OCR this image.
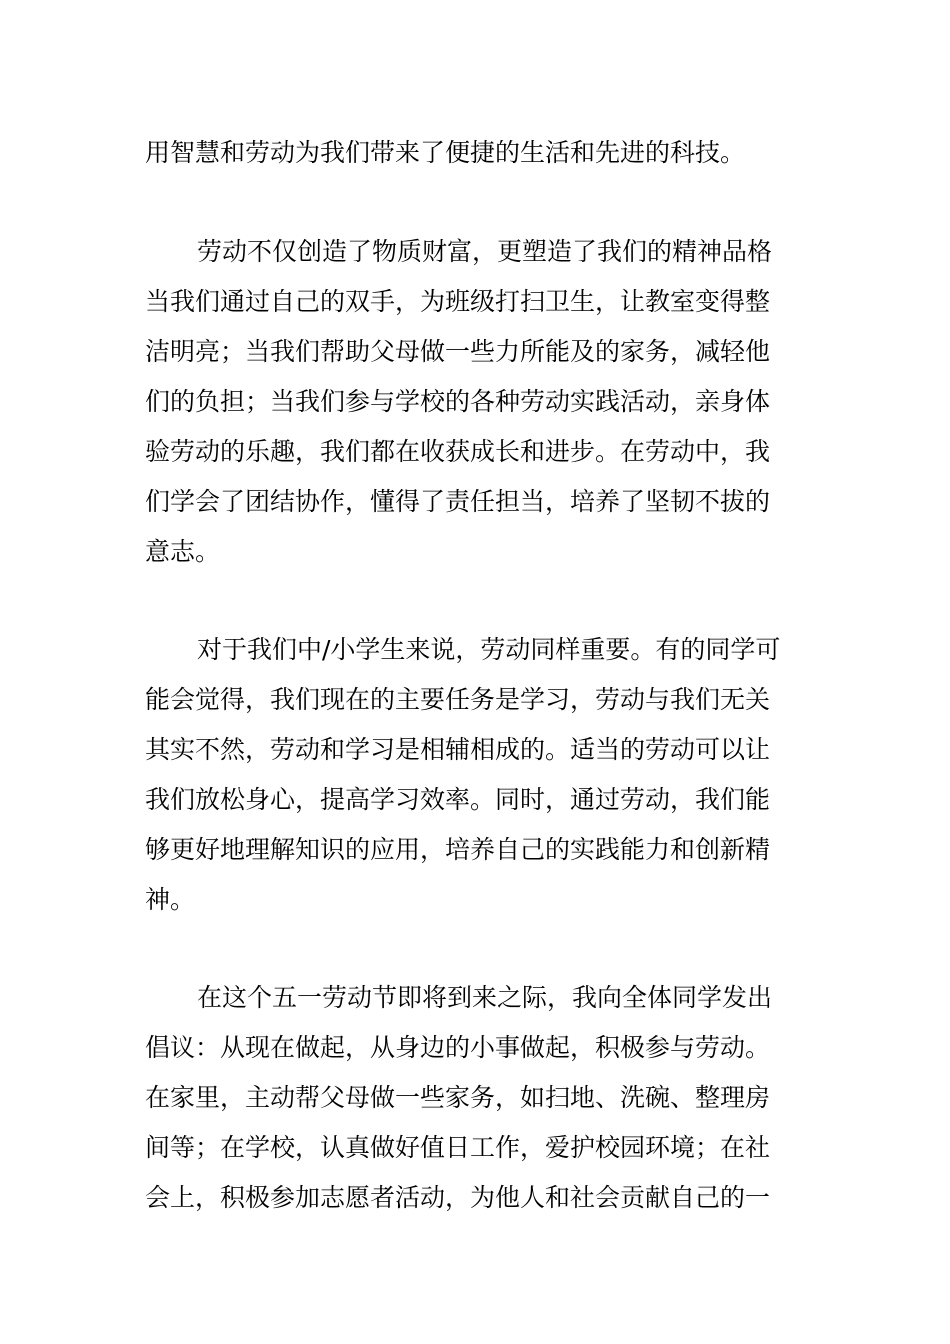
用智慧和劳动为我们带来了便捷的生活和先进的科技。
劳动不仅创造了物质财富，更塑造了我们的精神品格
当我们通过自己的双手，为班级打扫卫生，让教室变得整
洁明亮；当我们帮助父母做一些力所能及的家务，减轻他
们的负担；当我们参与学校的各种劳动实践活动，亲身体
验劳动的乐趣，我们都在收获成长和进步。在劳动中，我
们学会了团结协作，懂得了责任担当，培养了坚韧不拔的
意志。
对于我们中/小学生来说，劳动同样重要。有的同学可
能会觉得，我们现在的主要任务是学习，劳动与我们无关
其实不然，劳动和学习是相辅相成的。适当的劳动可以让
我们放松身心，提高学习效率。同时，通过劳动，我们能
够更好地理解知识的应用，培养自己的实践能力和创新精
神。
在这个五一劳动节即将到来之际，我向全体同学发出
倡议：从现在做起，从身边的小事做起，积极参与劳动。
在家里，主动帮父母做一些家务，如扫地、洗碗、整理房
间等；在学校，认真做好值日工作，爱护校园环境；在社
会上，积极参加志愿者活动，为他人和社会贡献自己的一
